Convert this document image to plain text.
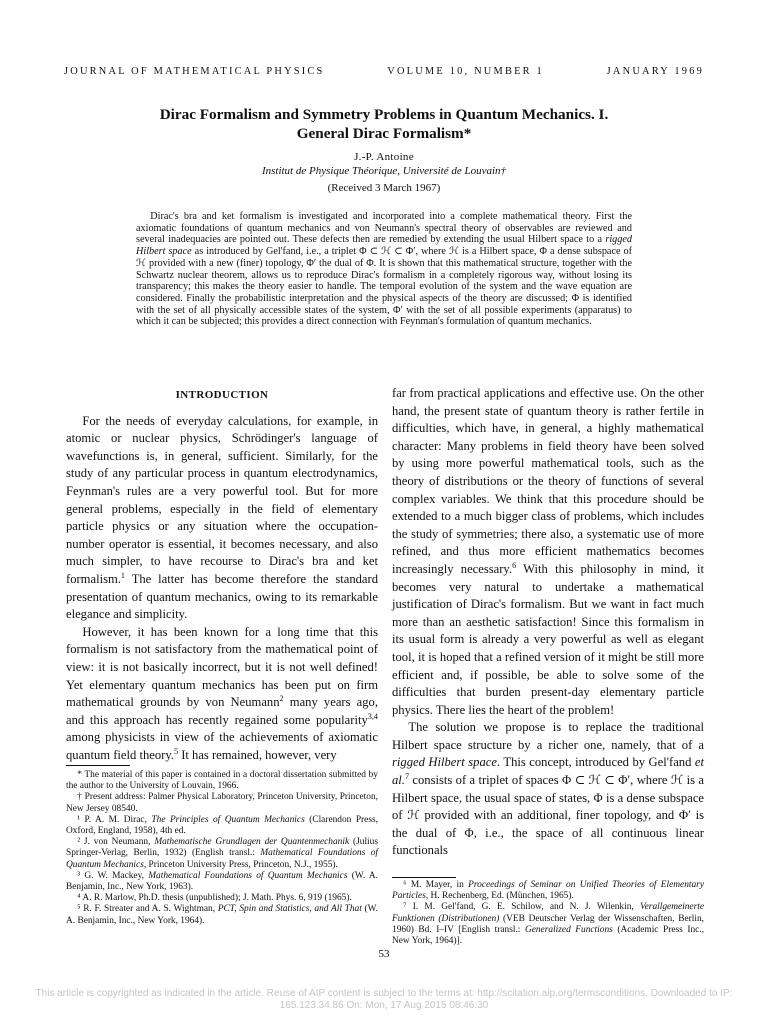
JOURNAL OF MATHEMATICAL PHYSICS	VOLUME 10, NUMBER 1	JANUARY 1969
Dirac Formalism and Symmetry Problems in Quantum Mechanics. I.
General Dirac Formalism*
J.-P. Antoine
Institut de Physique Théorique, Université de Louvain†
(Received 3 March 1967)
Dirac's bra and ket formalism is investigated and incorporated into a complete mathematical theory. First the axiomatic foundations of quantum mechanics and von Neumann's spectral theory of observables are reviewed and several inadequacies are pointed out. These defects then are remedied by extending the usual Hilbert space to a rigged Hilbert space as introduced by Gel'fand, i.e., a triplet Φ ⊂ ℋ ⊂ Φ′, where ℋ is a Hilbert space, Φ a dense subspace of ℋ provided with a new (finer) topology, Φ′ the dual of Φ. It is shown that this mathematical structure, together with the Schwartz nuclear theorem, allows us to reproduce Dirac's formalism in a completely rigorous way, without losing its transparency; this makes the theory easier to handle. The temporal evolution of the system and the wave equation are considered. Finally the probabilistic interpretation and the physical aspects of the theory are discussed; Φ is identified with the set of all physically accessible states of the system, Φ′ with the set of all possible experiments (apparatus) to which it can be subjected; this provides a direct connection with Feynman's formulation of quantum mechanics.
INTRODUCTION

For the needs of everyday calculations, for example, in atomic or nuclear physics, Schrödinger's language of wavefunctions is, in general, sufficient. Similarly, for the study of any particular process in quantum electrodynamics, Feynman's rules are a very powerful tool. But for more general problems, especially in the field of elementary particle physics or any situation where the occupation-number operator is essential, it becomes necessary, and also much simpler, to have recourse to Dirac's bra and ket formalism.$^1$ The latter has become therefore the standard presentation of quantum mechanics, owing to its remarkable elegance and simplicity.

However, it has been known for a long time that this formalism is not satisfactory from the mathematical point of view: it is not basically incorrect, but it is not well defined! Yet elementary quantum mechanics has been put on firm mathematical grounds by von Neumann$^2$ many years ago, and this approach has recently regained some popularity$^{3,4}$ among physicists in view of the achievements of axiomatic quantum field theory.$^5$ It has remained, however, very

far from practical applications and effective use. On the other hand, the present state of quantum theory is rather fertile in difficulties, which have, in general, a highly mathematical character: Many problems in field theory have been solved by using more powerful mathematical tools, such as the theory of distributions or the theory of functions of several complex variables. We think that this procedure should be extended to a much bigger class of problems, which includes the study of symmetries; there also, a systematic use of more refined, and thus more efficient mathematics becomes increasingly necessary.$^6$ With this philosophy in mind, it becomes very natural to undertake a mathematical justification of Dirac's formalism. But we want in fact much more than an aesthetic satisfaction! Since this formalism in its usual form is already a very powerful as well as elegant tool, it is hoped that a refined version of it might be still more efficient and, if possible, be able to solve some of the difficulties that burden present-day elementary particle physics. There lies the heart of the problem!

The solution we propose is to replace the traditional Hilbert space structure by a richer one, namely, that of a rigged Hilbert space. This concept, introduced by Gel'fand et al.$^7$ consists of a triplet of spaces Φ ⊂ ℋ ⊂ Φ′, where ℋ is a Hilbert space, the usual space of states, Φ is a dense subspace of ℋ provided with an additional, finer topology, and Φ′ is the dual of Φ, i.e., the space of all continuous linear functionals

* The material of this paper is contained in a doctoral dissertation submitted by the author to the University of Louvain, 1966.

† Present address: Palmer Physical Laboratory, Princeton University, Princeton, New Jersey 08540.

¹ P. A. M. Dirac, The Principles of Quantum Mechanics (Clarendon Press, Oxford, England, 1958), 4th ed.

² J. von Neumann, Mathematische Grundlagen der Quantenmechanik (Julius Springer-Verlag, Berlin, 1932) (English transl.: Mathematical Foundations of Quantum Mechanics, Princeton University Press, Princeton, N.J., 1955).

³ G. W. Mackey, Mathematical Foundations of Quantum Mechanics (W. A. Benjamin, Inc., New York, 1963).

⁴ A. R. Marlow, Ph.D. thesis (unpublished); J. Math. Phys. 6, 919 (1965).

⁵ R. F. Streater and A. S. Wightman, PCT, Spin and Statistics, and All That (W. A. Benjamin, Inc., New York, 1964).

⁶ M. Mayer, in Proceedings of Seminar on Unified Theories of Elementary Particles, H. Rechenberg, Ed. (München, 1965).

⁷ I. M. Gel'fand, G. E. Schilow, and N. J. Wilenkin, Verallgemeinerte Funktionen (Distributionen) (VEB Deutscher Verlag der Wissenschaften, Berlin, 1960) Bd. I–IV [English transl.: Generalized Functions (Academic Press Inc., New York, 1964)].

53
This article is copyrighted as indicated in the article. Reuse of AIP content is subject to the terms at: http://scitation.aip.org/termsconditions. Downloaded to IP:
165.123.34.86 On: Mon, 17 Aug 2015 08:46:30
